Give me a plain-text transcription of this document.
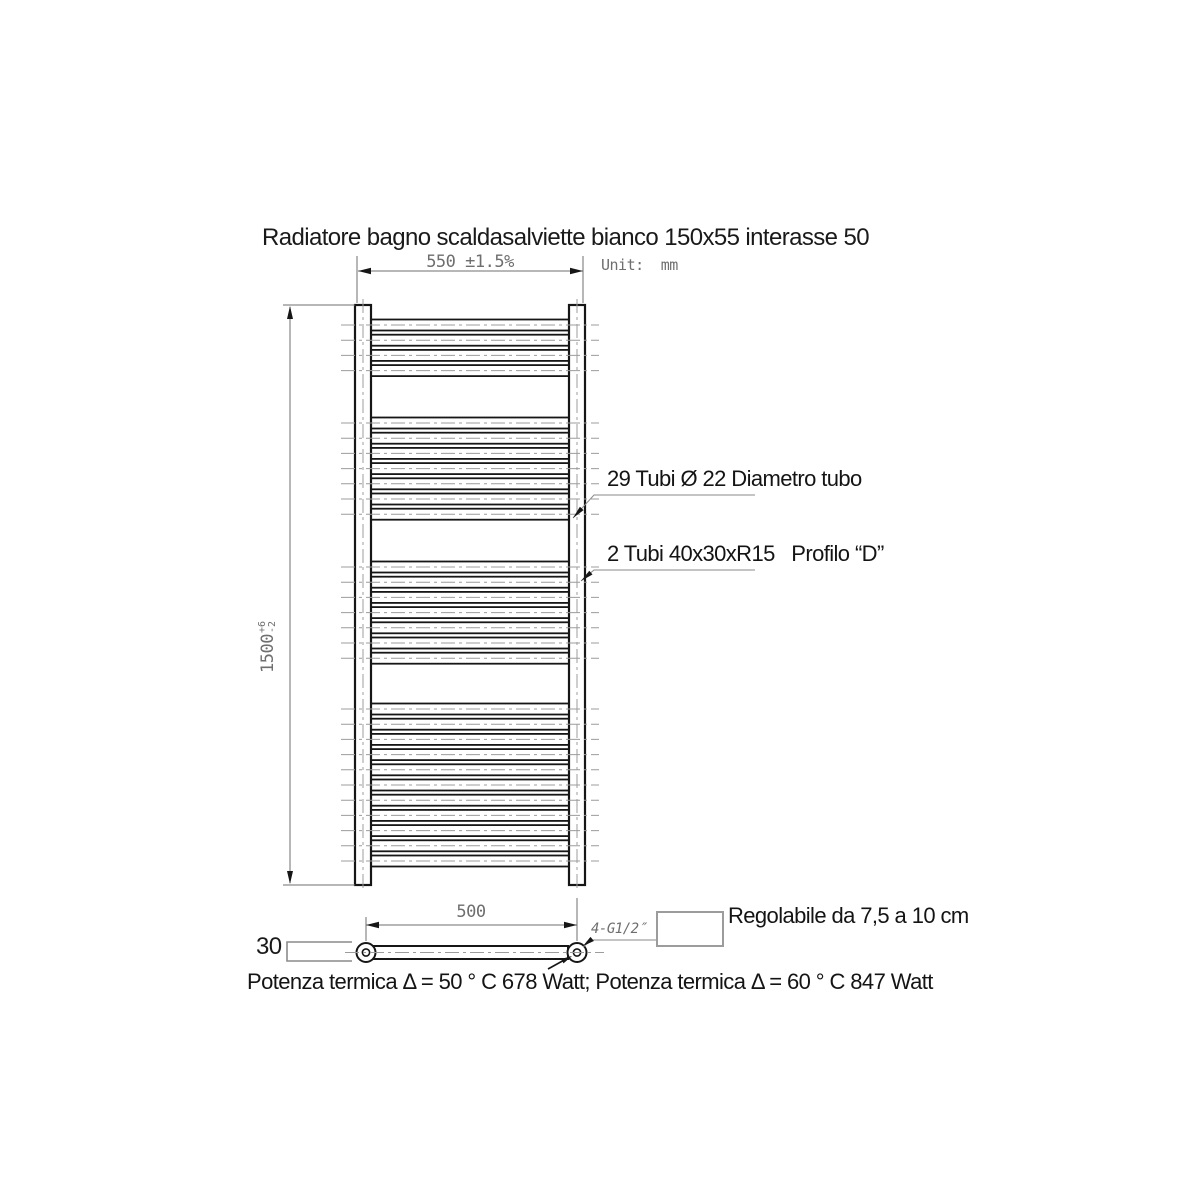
Radiatore bagno scaldasalviette bianco 150x55 interasse 50
550 ±1.5%	Unit:  mm

1500
+6 -2

29 Tubi Ø 22 Diametro tubo
2 Tubi 40x30xR15   Profilo “D”
500
4-G1/2″
30
Regolabile da 7,5 a 10 cm
Potenza termica Δ = 50 ° C 678 Watt; Potenza termica Δ = 60 ° C 847 Watt
